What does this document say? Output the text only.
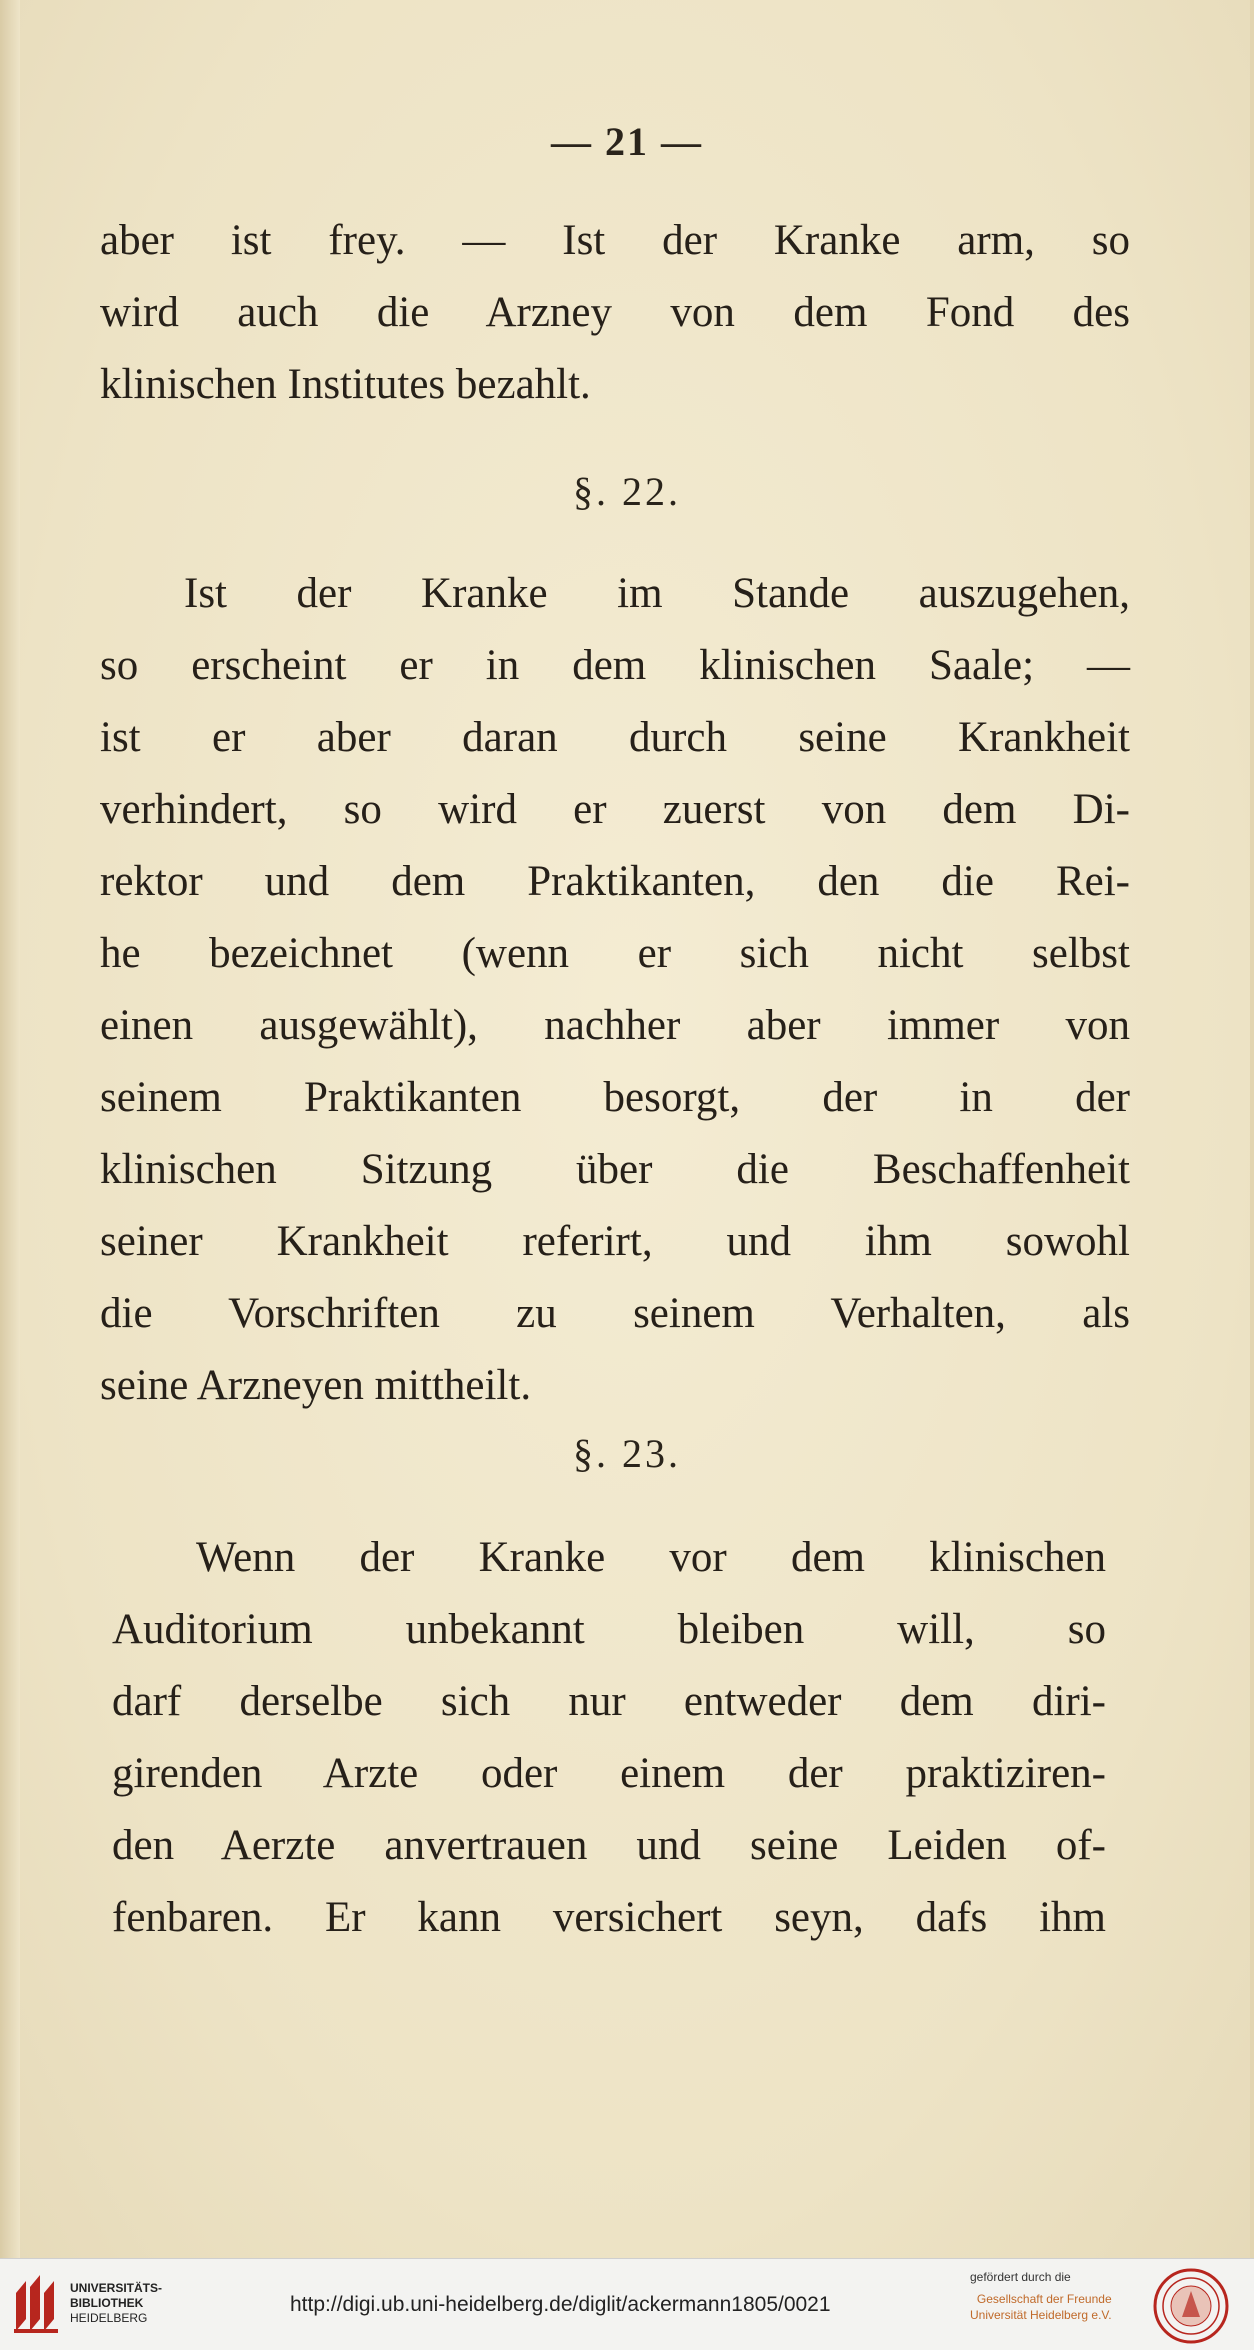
— 21 —
aber ist frey. — Ist der Kranke arm, so
wird auch die Arzney von dem Fond des
klinischen Institutes bezahlt.
§. 22.
Ist der Kranke im Stande auszugehen,
so erscheint er in dem klinischen Saale; —
ist er aber daran durch seine Krankheit
verhindert, so wird er zuerst von dem Di-
rektor und dem Praktikanten, den die Rei-
he bezeichnet (wenn er sich nicht selbst
einen ausgewählt), nachher aber immer von
seinem Praktikanten besorgt, der in der
klinischen Sitzung über die Beschaffenheit
seiner Krankheit referirt, und ihm sowohl
die Vorschriften zu seinem Verhalten, als
seine Arzneyen mittheilt.
§. 23.
Wenn der Kranke vor dem klinischen
Auditorium unbekannt bleiben will, so
darf derselbe sich nur entweder dem diri-
girenden Arzte oder einem der praktiziren-
den Aerzte anvertrauen und seine Leiden of-
fenbaren. Er kann versichert seyn, dafs ihm
UNIVERSITÄTS-
BIBLIOTHEK
HEIDELBERG
http://digi.ub.uni-heidelberg.de/diglit/ackermann1805/0021
gefördert durch die
Gesellschaft der Freunde
Universität Heidelberg e.V.
